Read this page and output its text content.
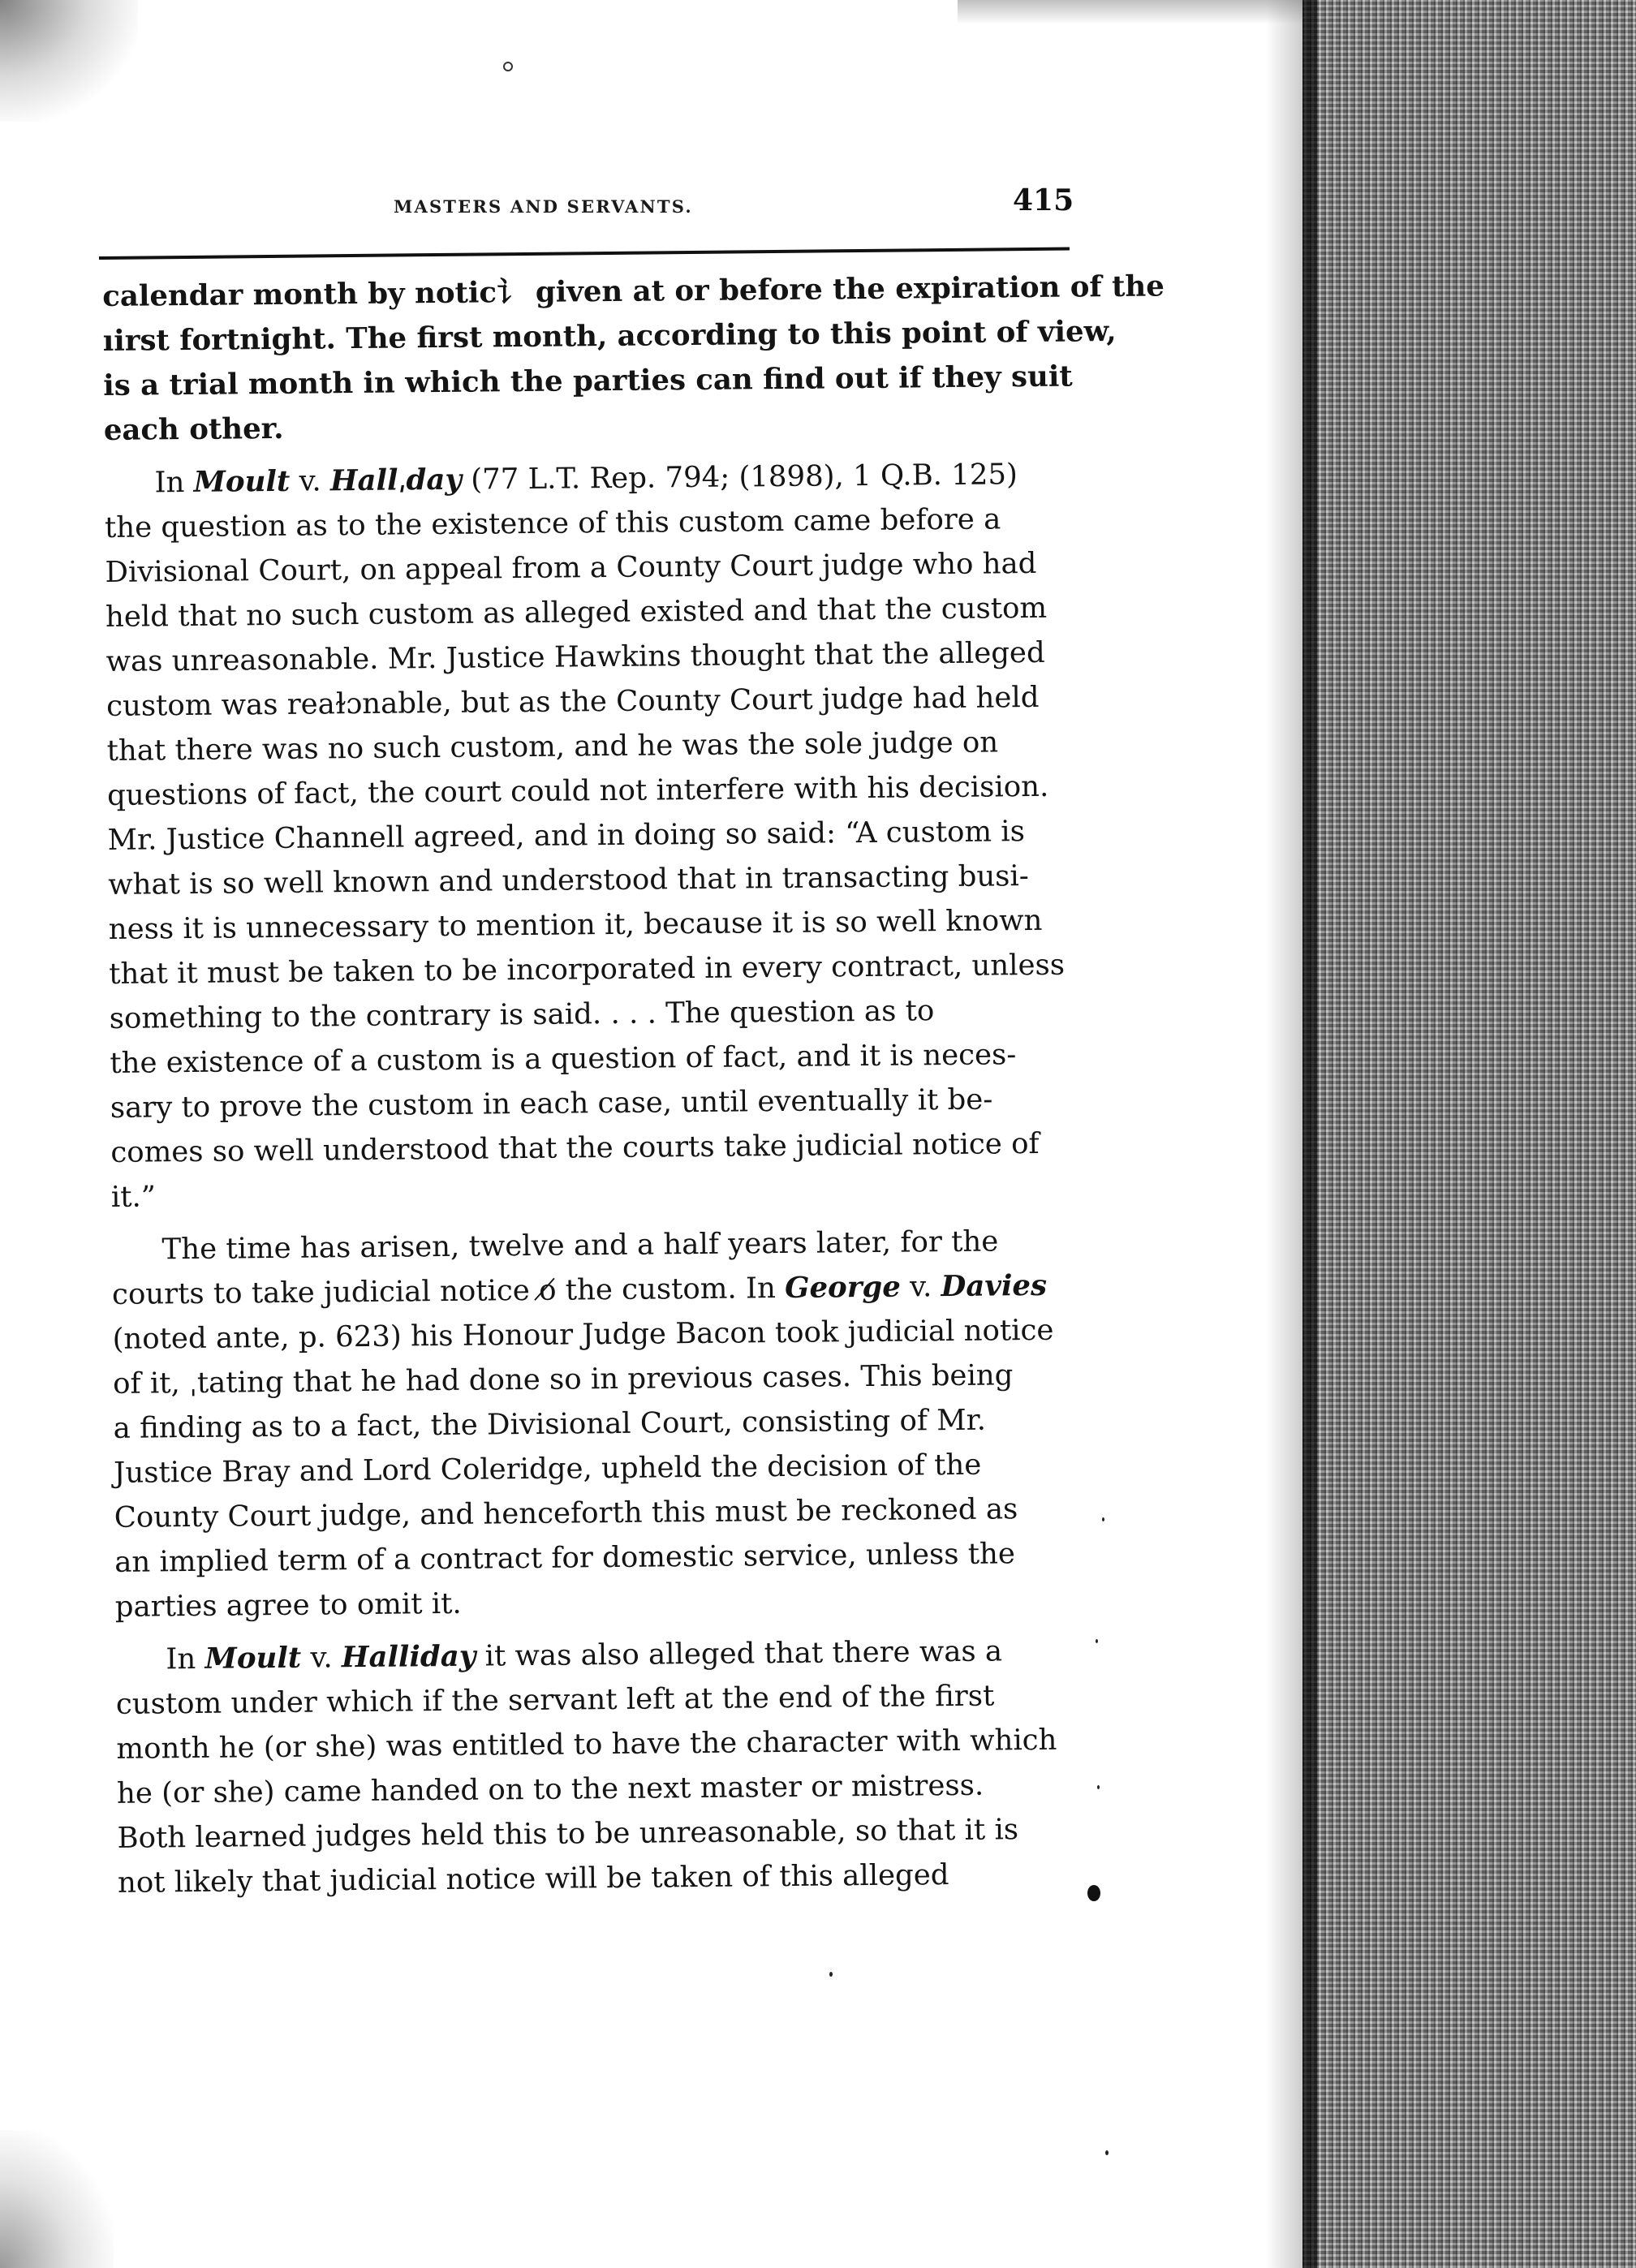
MASTERS AND SERVANTS.	415
calendar month by notic⻈ given at or before the expiration of the
ıirst fortnight. The first month, according to this point of view,
is a trial month in which the parties can find out if they suit
each other.
In Moult v. Hallˌday (77 L.T. Rep. 794; (1898), 1 Q.B. 125)
the question as to the existence of this custom came before a
Divisional Court, on appeal from a County Court judge who had
held that no such custom as alleged existed and that the custom
was unreasonable. Mr. Justice Hawkins thought that the alleged
custom was reaɫɔnable, but as the County Court judge had held
that there was no such custom, and he was the sole judge on
questions of fact, the court could not interfere with his decision.
Mr. Justice Channell agreed, and in doing so said: “A custom is
what is so well known and understood that in transacting busi-
ness it is unnecessary to mention it, because it is so well known
that it must be taken to be incorporated in every contract, unless
something to the contrary is said. . . . The question as to
the existence of a custom is a question of fact, and it is neces-
sary to prove the custom in each case, until eventually it be-
comes so well understood that the courts take judicial notice of
it.”
The time has arisen, twelve and a half years later, for the
courts to take judicial notice o̸ the custom. In George v. Davies
(noted ante, p. 623) his Honour Judge Bacon took judicial notice
of it, ˌtating that he had done so in previous cases. This being
a finding as to a fact, the Divisional Court, consisting of Mr.
Justice Bray and Lord Coleridge, upheld the decision of the
County Court judge, and henceforth this must be reckoned as
an implied term of a contract for domestic service, unless the
parties agree to omit it.
In Moult v. Halliday it was also alleged that there was a
custom under which if the servant left at the end of the first
month he (or she) was entitled to have the character with which
he (or she) came handed on to the next master or mistress.
Both learned judges held this to be unreasonable, so that it is
not likely that judicial notice will be taken of this alleged
